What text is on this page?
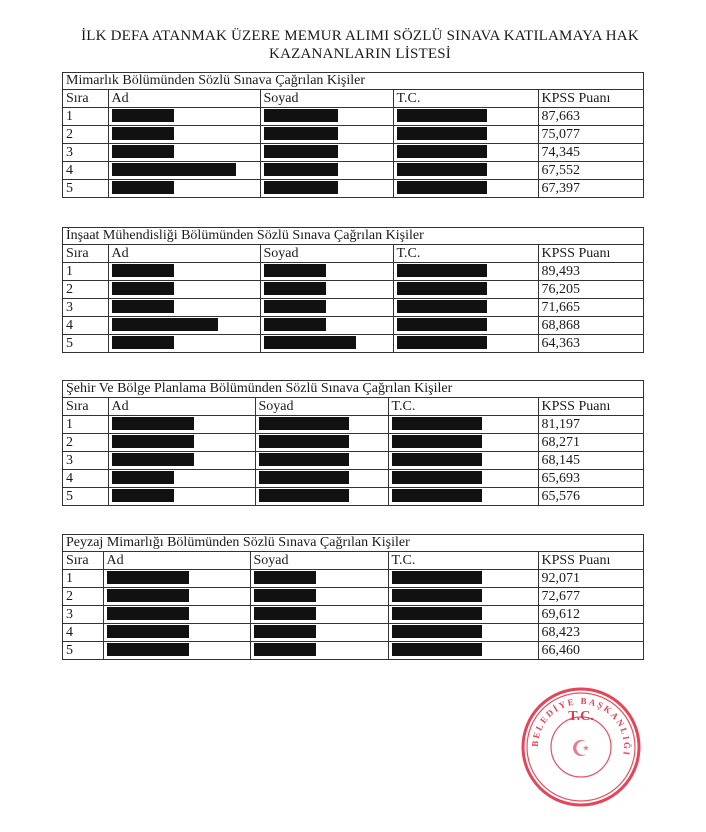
İLK DEFA ATANMAK ÜZERE MEMUR ALIMI SÖZLÜ SINAVA KATILAMAYA HAK
KAZANANLARIN LİSTESİ
Mimarlık Bölümünden Sözlü Sınava Çağrılan Kişiler
Sıra	Ad	Soyad	T.C.	KPSS Puanı
1				87,663
2				75,077
3				74,345
4				67,552
5				67,397
İnşaat Mühendisliği Bölümünden Sözlü Sınava Çağrılan Kişiler
Sıra	Ad	Soyad	T.C.	KPSS Puanı
1				89,493
2				76,205
3				71,665
4				68,868
5				64,363
Şehir Ve Bölge Planlama Bölümünden Sözlü Sınava Çağrılan Kişiler
Sıra	Ad	Soyad	T.C.	KPSS Puanı
1				81,197
2				68,271
3				68,145
4				65,693
5				65,576
Peyzaj Mimarlığı Bölümünden Sözlü Sınava Çağrılan Kişiler
Sıra	Ad	Soyad	T.C.	KPSS Puanı
1				92,071
2				72,677
3				69,612
4				68,423
5				66,460
BELEDİYE BAŞKANLIĞI
T.C.
☪
